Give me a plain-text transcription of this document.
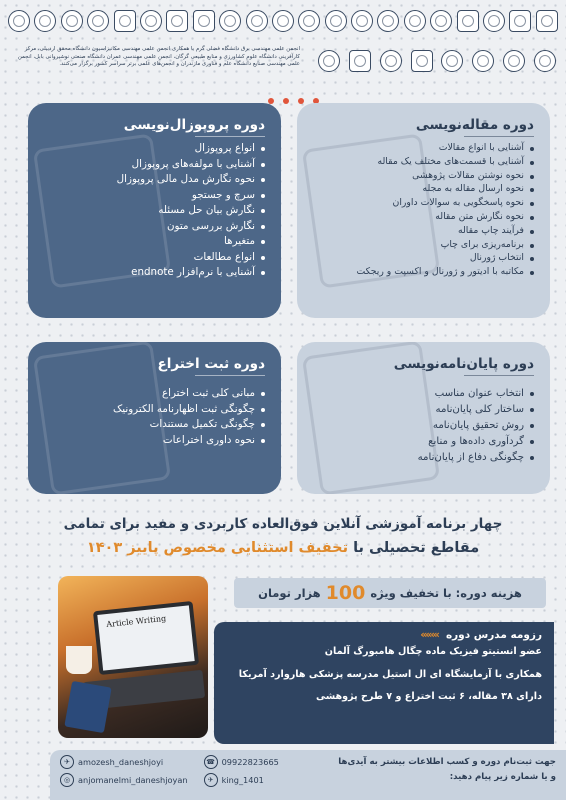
انجمن علمی مهندسی برق دانشگاه فضلی گرم با همکاری انجمن علمی مهندسی مکانیزاسیون دانشگاه محقق اردبیلی، مرکز کارآفرینی دانشگاه علوم کشاورزی و منابع طبیعی گرگان، انجمن علمی مهندسی عمران دانشگاه صنعتی نوشیروانی بابل، انجمن علمی مهندسی صنایع دانشگاه علم و فناوری مازندران و انجمن‌های علمی برتر سراسر کشور برگزار می‌کنند.
دوره مقاله‌نویسی
آشنایی با انواع مقالات
آشنایی با قسمت‌های مختلف یک مقاله
نحوه نوشتن مقالات پژوهشی
نحوه ارسال مقاله به مجله
نحوه پاسخگویی به سوالات داوران
نحوه نگارش متن مقاله
فرآیند چاپ مقاله
برنامه‌ریزی برای چاپ
انتخاب ژورنال
مکاتبه با ادیتور و ژورنال و اکسپت و ریجکت
دوره پروپوزال‌نویسی
انواع پروپوزال
آشنایی با مولفه‌های پروپوزال
نحوه نگارش مدل مالی پروپوزال
سرچ و جستجو
نگارش بیان حل مسئله
نگارش بررسی متون
متغیرها
انواع مطالعات
آشنایی با نرم‌افزار endnote
دوره پایان‌نامه‌نویسی
انتخاب عنوان مناسب
ساختار کلی پایان‌نامه
روش تحقیق پایان‌نامه
گردآوری داده‌ها و منابع
چگونگی دفاع از پایان‌نامه
دوره ثبت اختراع
مبانی کلی ثبت اختراع
چگونگی ثبت اظهارنامه الکترونیک
چگونگی تکمیل مستندات
نحوه داوری اختراعات
چهار برنامه آموزشی آنلاین فوق‌العاده کاربردی و مفید برای تمامی
مقاطع تحصیلی با تخفیف استثنایی مخصوص پاییز ۱۴۰۳
Article Writing
هزینه دوره: با تخفیف ویژه
100
هزار تومان
رزومه مدرس دوره
‹‹‹‹‹‹‹

عضو انستیتو فیزیک ماده چگال هامبورگ آلمان

همکاری با آزمایشگاه ای ال استیل مدرسه پزشکی هاروارد آمریکا

دارای ۳۸ مقاله، ۶ ثبت اختراع و ۷ طرح پژوهشی

جهت ثبت‌نام دوره و کسب اطلاعات بیشتر به آیدی‌ها
و یا شماره زیر پیام دهید:
✈ amozesh_daneshjoyi	☎ 09922823665
◎ anjomanelmi_daneshjoyan	✈ king_1401
